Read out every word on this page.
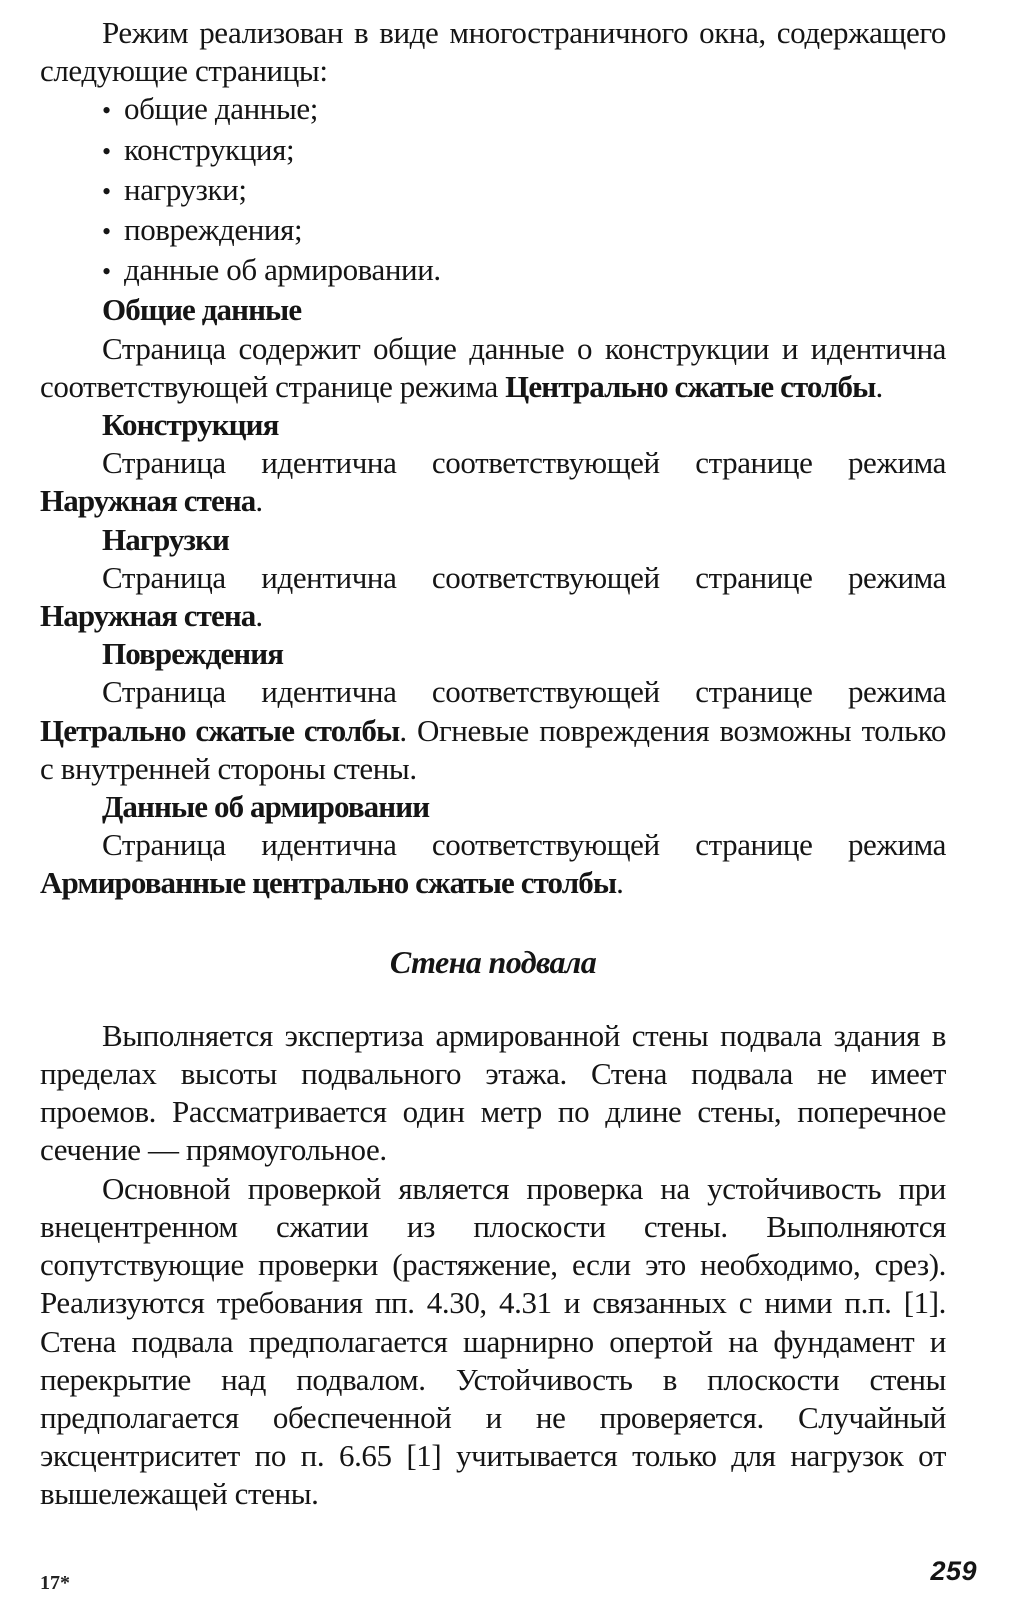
Режим реализован в виде многостраничного окна, содержащего следующие страницы:

• общие данные;
• конструкция;
• нагрузки;
• повреждения;
• данные об армировании.

Общие данные

Страница содержит общие данные о конструкции и идентична соответствующей странице режима Центрально сжатые столбы.

Конструкция

Страница идентична соответствующей странице режима Наружная стена.

Нагрузки

Страница идентична соответствующей странице режима Наружная стена.

Повреждения

Страница идентична соответствующей странице режима Цетрально сжатые столбы. Огневые повреждения возможны только с внутренней стороны стены.

Данные об армировании

Страница идентична соответствующей странице режима Армированные центрально сжатые столбы.

Стена подвала

Выполняется экспертиза армированной стены подвала здания в пределах высоты подвального этажа. Стена подвала не имеет проемов. Рассматривается один метр по длине стены, поперечное сечение — прямоугольное.

Основной проверкой является проверка на устойчивость при внецентренном сжатии из плоскости стены. Выполняются сопутствующие проверки (растяжение, если это необходимо, срез). Реализуются требования пп. 4.30, 4.31 и связанных с ними п.п. [1]. Стена подвала предполагается шарнирно опертой на фундамент и перекрытие над подвалом. Устойчивость в плоскости стены предполагается обеспеченной и не проверяется. Случайный эксцентриситет по п. 6.65 [1] учитывается только для нагрузок от вышележащей стены.

17*	259
